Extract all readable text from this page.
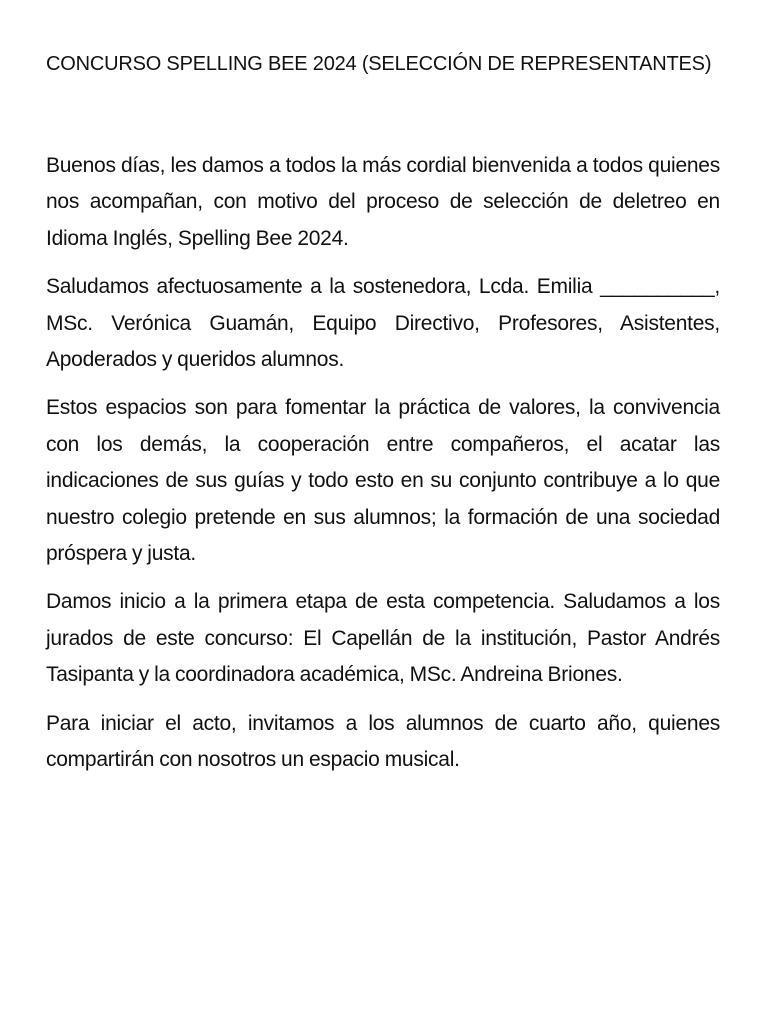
CONCURSO SPELLING BEE 2024 (SELECCIÓN DE REPRESENTANTES)

Buenos días, les damos a todos la más cordial bienvenida a todos quienes nos acompañan, con motivo del proceso de selección de deletreo en Idioma Inglés, Spelling Bee 2024.

Saludamos afectuosamente a la sostenedora, Lcda. Emilia __________, MSc. Verónica Guamán, Equipo Directivo, Profesores, Asistentes, Apoderados y queridos alumnos.

Estos espacios son para fomentar la práctica de valores, la convivencia con los demás, la cooperación entre compañeros, el acatar las indicaciones de sus guías y todo esto en su conjunto contribuye a lo que nuestro colegio pretende en sus alumnos; la formación de una sociedad próspera y justa.

Damos inicio a la primera etapa de esta competencia. Saludamos a los jurados de este concurso: El Capellán de la institución, Pastor Andrés Tasipanta y la coordinadora académica, MSc. Andreina Briones.

Para iniciar el acto, invitamos a los alumnos de cuarto año, quienes compartirán con nosotros un espacio musical.
